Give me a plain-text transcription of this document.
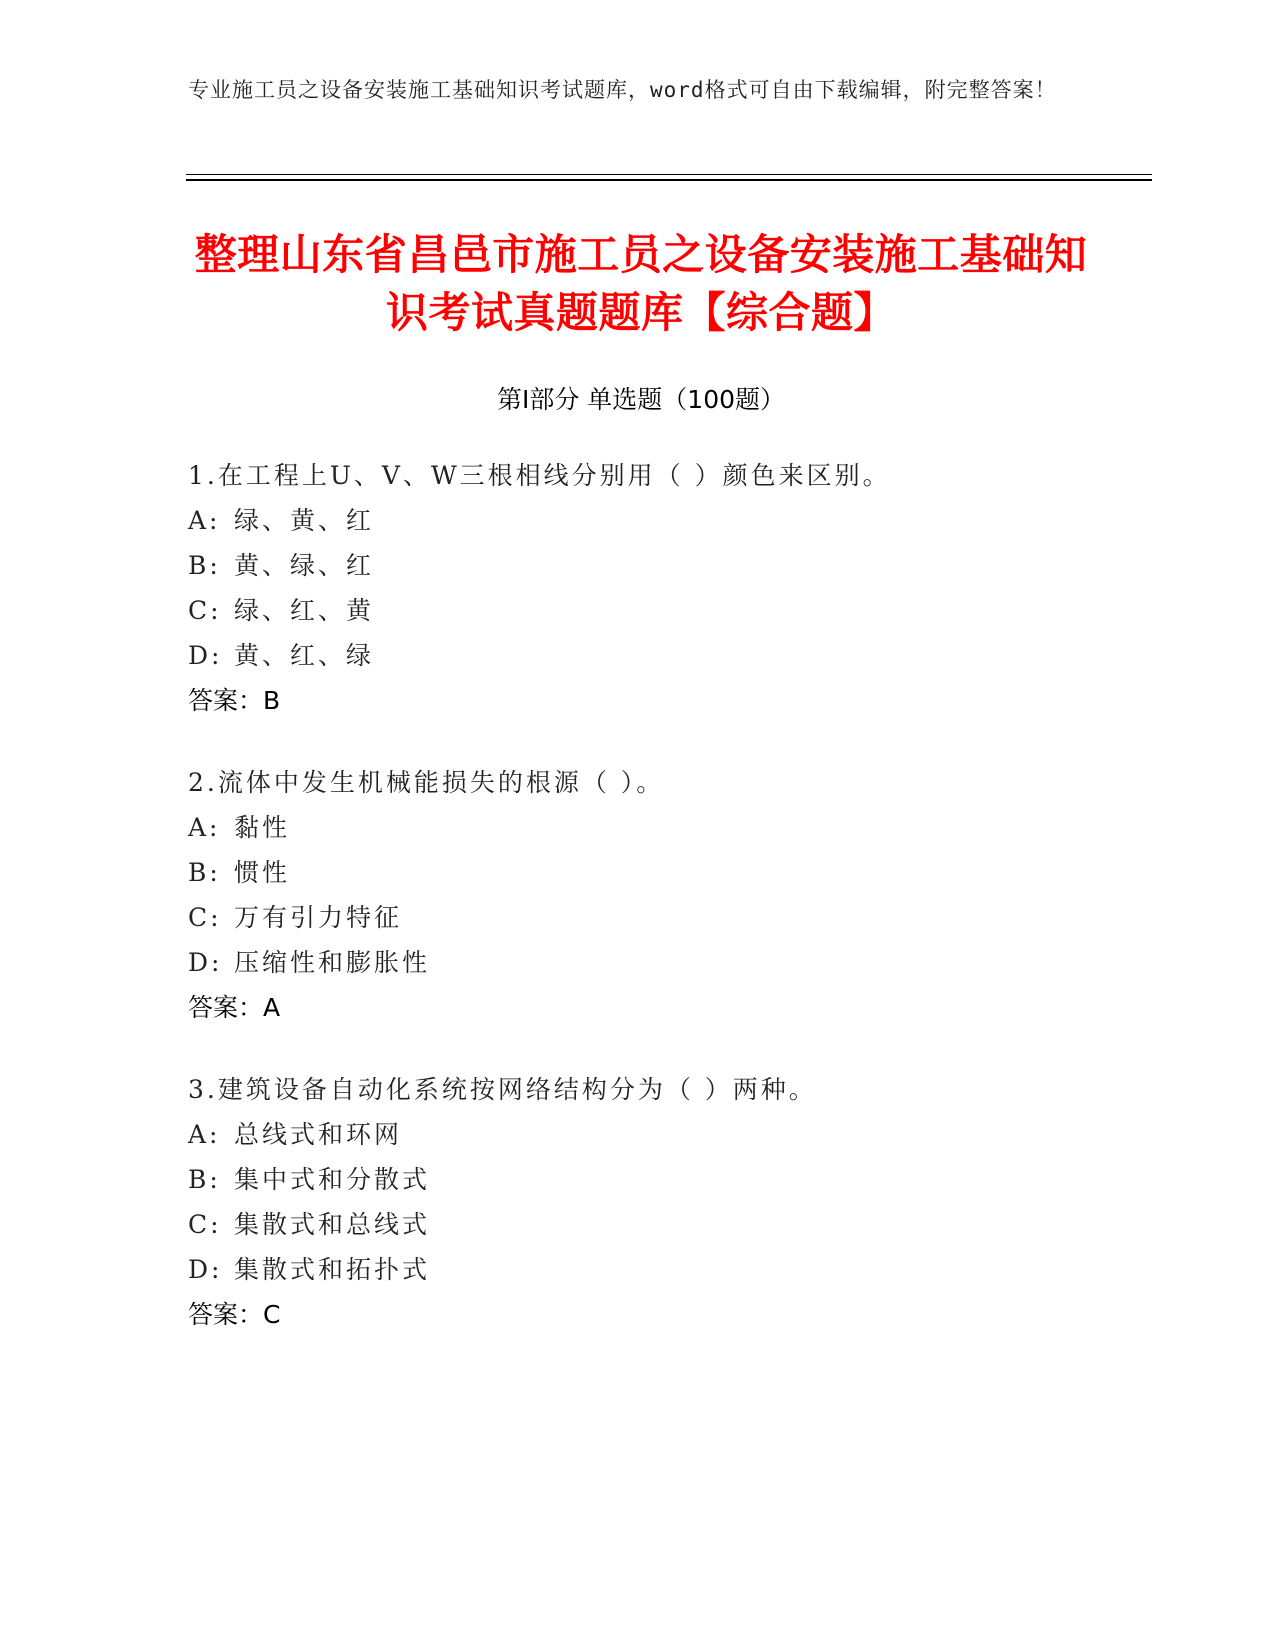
专业施工员之设备安装施工基础知识考试题库，word格式可自由下载编辑，附完整答案！
整理山东省昌邑市施工员之设备安装施工基础知识考试真题题库【综合题】
第I部分 单选题（100题）
1.在工程上U、V、W三根相线分别用（ ）颜色来区别。
A: 绿、黄、红
B: 黄、绿、红
C: 绿、红、黄
D: 黄、红、绿
答案：B
2.流体中发生机械能损失的根源（ ）。
A: 黏性
B: 惯性
C: 万有引力特征
D: 压缩性和膨胀性
答案：A
3.建筑设备自动化系统按网络结构分为（ ）两种。
A: 总线式和环网
B: 集中式和分散式
C: 集散式和总线式
D: 集散式和拓扑式
答案：C
